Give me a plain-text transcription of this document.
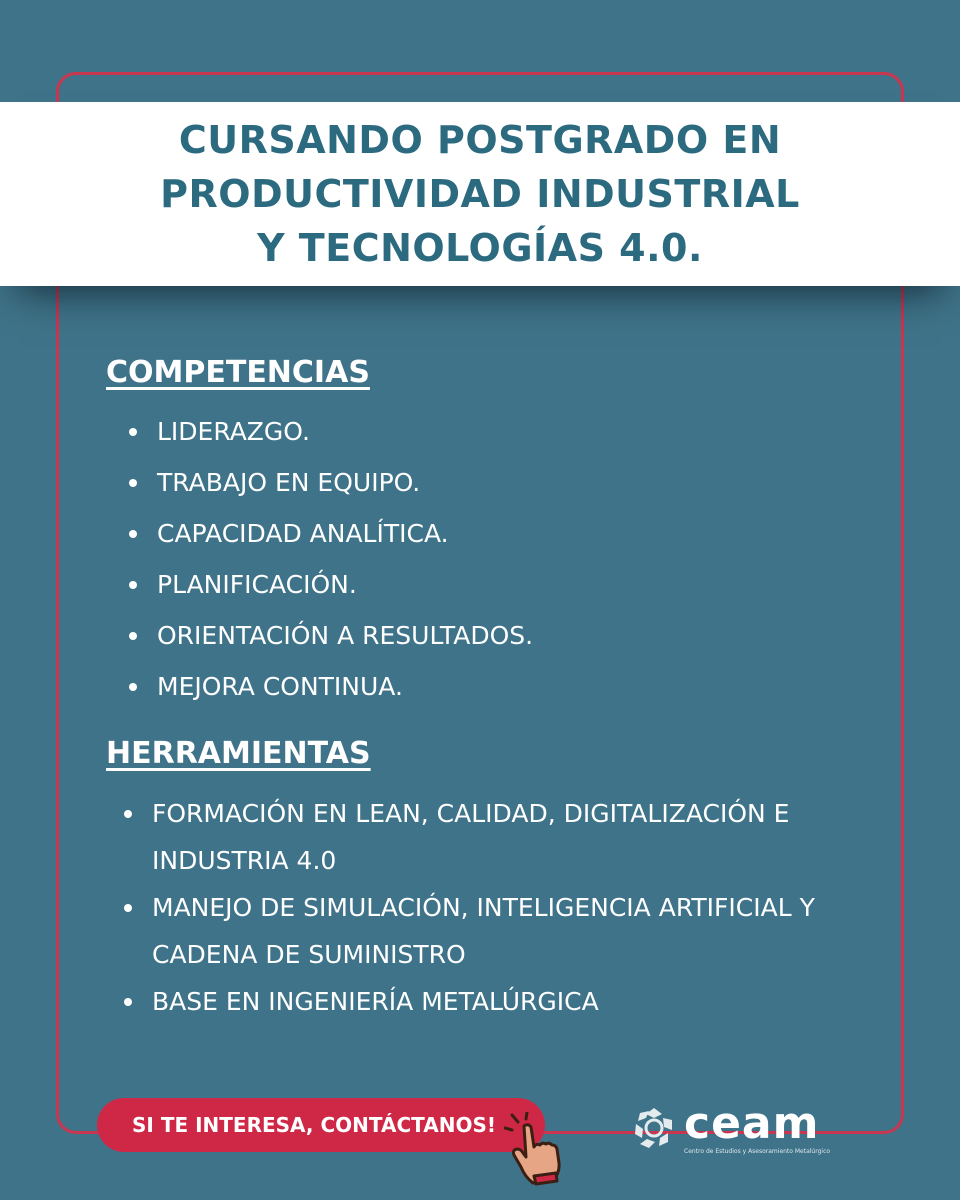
CURSANDO POSTGRADO EN
PRODUCTIVIDAD INDUSTRIAL
Y TECNOLOGÍAS 4.0.
COMPETENCIAS
LIDERAZGO.
TRABAJO EN EQUIPO.
CAPACIDAD ANALÍTICA.
PLANIFICACIÓN.
ORIENTACIÓN A RESULTADOS.
MEJORA CONTINUA.
HERRAMIENTAS
FORMACIÓN EN LEAN, CALIDAD, DIGITALIZACIÓN E INDUSTRIA 4.0
MANEJO DE SIMULACIÓN, INTELIGENCIA ARTIFICIAL Y CADENA DE SUMINISTRO
BASE EN INGENIERÍA METALÚRGICA
SI TE INTERESA, CONTÁCTANOS!	ceam
Centro de Estudios y Asesoramiento Metalúrgico
